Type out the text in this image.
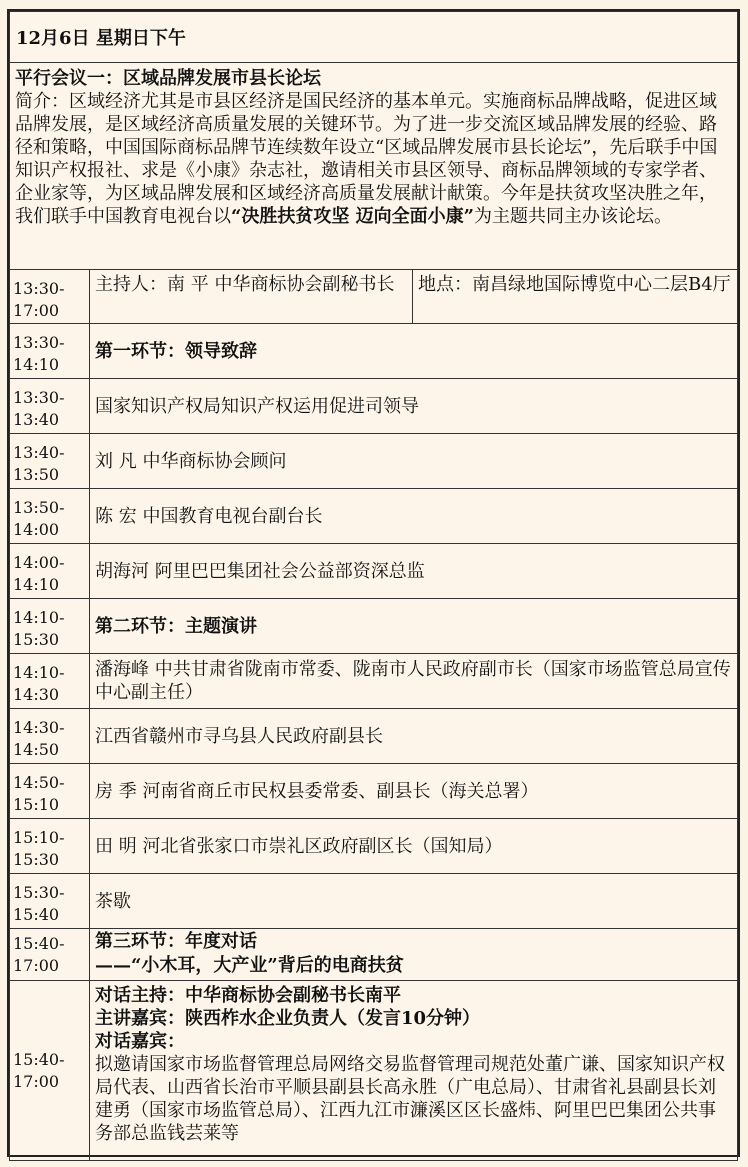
12月6日 星期日下午		

平行会议一：区域品牌发展市县长论坛
简介：区域经济尤其是市县区经济是国民经济的基本单元。实施商标品牌战略，促进区域品牌发展，是区域经济高质量发展的关键环节。为了进一步交流区域品牌发展的经验、路径和策略，中国国际商标品牌节连续数年设立“区域品牌发展市县长论坛”，先后联手中国知识产权报社、求是《小康》杂志社，邀请相关市县区领导、商标品牌领域的专家学者、企业家等，为区域品牌发展和区域经济高质量发展献计献策。今年是扶贫攻坚决胜之年，我们联手中国教育电视台以“决胜扶贫攻坚 迈向全面小康”为主题共同主办该论坛。		

13:30-17:00	主持人：南 平 中华商标协会副秘书长	地点：南昌绿地国际博览中心二层B4厅
13:30-14:10	第一环节：领导致辞	
13:30-13:40	国家知识产权局知识产权运用促进司领导	
13:40-13:50	刘 凡 中华商标协会顾问	
13:50-14:00	陈 宏 中国教育电视台副台长	
14:00-14:10	胡海河 阿里巴巴集团社会公益部资深总监	
14:10-15:30	第二环节：主题演讲	
14:10-14:30	潘海峰 中共甘肃省陇南市常委、陇南市人民政府副市长（国家市场监管总局宣传中心副主任）	
14:30-14:50	江西省赣州市寻乌县人民政府副县长	
14:50-15:10	房 季 河南省商丘市民权县委常委、副县长（海关总署）	
15:10-15:30	田 明 河北省张家口市崇礼区政府副区长（国知局）	
15:30-15:40	茶歇	
15:40-17:00	第三环节：年度对话
——“小木耳，大产业”背后的电商扶贫	

15:40-17:00	对话主持：中华商标协会副秘书长南平
主讲嘉宾：陕西柞水企业负责人（发言10分钟）
对话嘉宾：
拟邀请国家市场监督管理总局网络交易监督管理司规范处董广谦、国家知识产权局代表、山西省长治市平顺县副县长高永胜（广电总局）、甘肃省礼县副县长刘建勇（国家市场监管总局）、江西九江市濂溪区区长盛炜、阿里巴巴集团公共事务部总监钱芸莱等	
